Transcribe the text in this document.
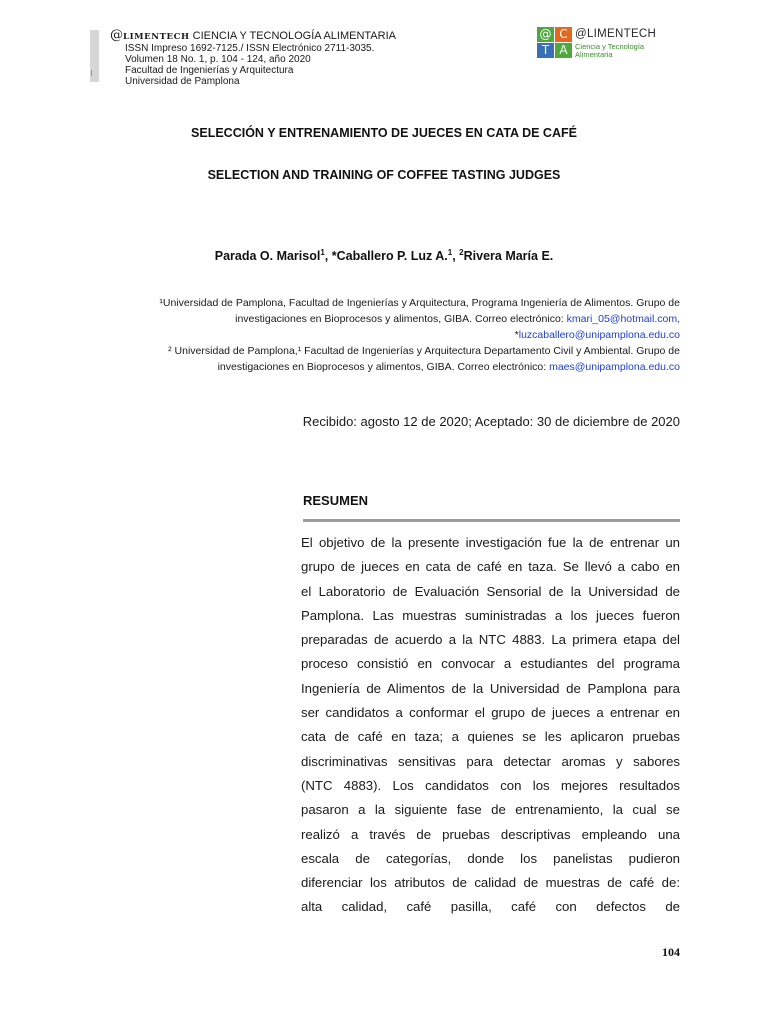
@LIMENTECH CIENCIA Y TECNOLOGÍA ALIMENTARIA
ISSN Impreso 1692-7125./ ISSN Electrónico 2711-3035.
Volumen 18 No. 1, p. 104 - 124, año 2020
Facultad de Ingenierías y Arquitectura
Universidad de Pamplona
@ C
T A
@LIMENTECH
Ciencia y Tecnología
Alimentaria
SELECCIÓN Y ENTRENAMIENTO DE JUECES EN CATA DE CAFÉ
SELECTION AND TRAINING OF COFFEE TASTING JUDGES
Parada O. Marisol$^1$, *Caballero P. Luz A.$^1$, $^2$Rivera María E.
¹Universidad de Pamplona, Facultad de Ingenierías y Arquitectura, Programa Ingeniería de Alimentos. Grupo de
investigaciones en Bioprocesos y alimentos, GIBA. Correo electrónico: kmari_05@hotmail.com,
*luzcaballero@unipamplona.edu.co
² Universidad de Pamplona,¹ Facultad de Ingenierías y Arquitectura Departamento Civil y Ambiental. Grupo de
investigaciones en Bioprocesos y alimentos, GIBA. Correo electrónico: maes@unipamplona.edu.co
Recibido: agosto 12 de 2020; Aceptado: 30 de diciembre de 2020
RESUMEN

El objetivo de la presente investigación fue la de entrenar un

grupo de jueces en cata de café en taza. Se llevó a cabo en

el Laboratorio de Evaluación Sensorial de la Universidad de

Pamplona. Las muestras suministradas a los jueces fueron

preparadas de acuerdo a la NTC 4883. La primera etapa del

proceso consistió en convocar a estudiantes del programa

Ingeniería de Alimentos de la Universidad de Pamplona para

ser candidatos a conformar el grupo de jueces a entrenar en

cata de café en taza; a quienes se les aplicaron pruebas

discriminativas sensitivas para detectar aromas y sabores

(NTC 4883). Los candidatos con los mejores resultados

pasaron a la siguiente fase de entrenamiento, la cual se

realizó a través de pruebas descriptivas empleando una

escala de categorías, donde los panelistas pudieron

diferenciar los atributos de calidad de muestras de café de:

alta calidad, café pasilla, café con defectos de

104
